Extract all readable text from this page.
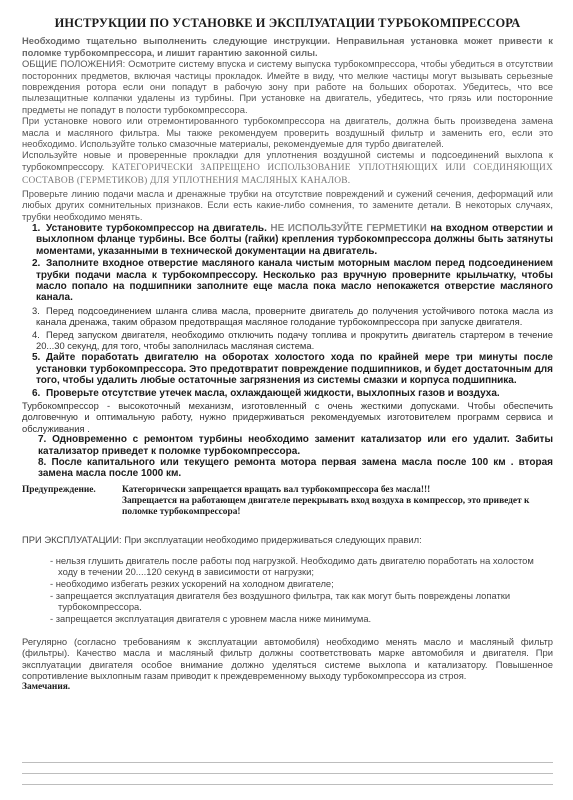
ИНСТРУКЦИИ ПО УСТАНОВКЕ И ЭКСПЛУАТАЦИИ ТУРБОКОМПРЕССОРА

Необходимо тщательно выполненить следующие инструкции. Неправильная установка может привести к поломке турбокомпрессора, и лишит гарантию законной силы.

ОБЩИЕ ПОЛОЖЕНИЯ: Осмотрите систему впуска и систему выпуска турбокомпрессора, чтобы убедиться в отсутствии посторонних предметов, включая частицы прокладок. Имейте в виду, что мелкие частицы могут вызывать серьезные повреждения ротора если они попадут в рабочую зону при работе на больших оборотах. Убедитесь, что все пылезащитные колпачки удалены из турбины. При установке на двигатель, убедитесь, что грязь или посторонние предметы не попадут в полости турбокомпрессора.

При установке нового или отремонтированного турбокомпрессора на двигатель, должна быть произведена замена масла и масляного фильтра. Мы также рекомендуем проверить воздушный фильтр и заменить его, если это необходимо. Используйте только смазочные материалы, рекомендуемые для турбо двигателей.

Используйте новые и проверенные прокладки для уплотнения воздушной системы и подсоединений выхлопа к турбокомпрессору. КАТЕГОРИЧЕСКИ ЗАПРЕЩЕНО ИСПОЛЬЗОВАНИЕ УПЛОТНЯЮЩИХ ИЛИ СОЕДИНЯЮЩИХ СОСТАВОВ (ГЕРМЕТИКОВ) ДЛЯ УПЛОТНЕНИЯ МАСЛЯНЫХ КАНАЛОВ.

Проверьте линию подачи масла и дренажные трубки на отсутствие повреждений и сужений сечения, деформаций или любых других сомнительных признаков. Если есть какие-либо сомнения, то замените детали. В некоторых случаях, трубки необходимо менять.

1. Установите турбокомпрессор на двигатель. НЕ ИСПОЛЬЗУЙТЕ ГЕРМЕТИКИ на входном отверстии и выхлопном фланце турбины. Все болты (гайки) крепления турбокомпрессора должны быть затянуты моментами, указанными в технической документации на двигатель.
2. Заполните входное отверстие масляного канала чистым моторным маслом перед подсоединением трубки подачи масла к турбокомпрессору. Несколько раз вручную проверните крыльчатку, чтобы масло попало на подшипники заполните еще масла пока масло непокажется отверстие масляного канала.
3. Перед подсоединением шланга слива масла, проверните двигатель до получения устойчивого потока масла из канала дренажа, таким образом предотвращая масляное голодание турбокомпрессора при запуске двигателя.
4. Перед запуском двигателя, необходимо отключить подачу топлива и прокрутить двигатель стартером в течение 20...30 секунд, для того, чтобы заполнилась масляная система.
5. Дайте поработать двигателю на оборотах холостого хода по крайней мере три минуты после установки турбокомпрессора. Это предотвратит повреждение подшипников, и будет достаточным для того, чтобы удалить любые остаточные загрязнения из системы смазки и корпуса подшипника.
6. Проверьте отсутствие утечек масла, охлаждающей жидкости, выхлопных газов и воздуха.

Турбокомпрессор - высокоточный механизм, изготовленный с очень жесткими допусками. Чтобы обеспечить долговечную и оптимальную работу, нужно придерживаться рекомендуемых изготовителем программ сервиса и обслуживания .

7. Одновременно с ремонтом турбины необходимо заменит катализатор или его удалит. Забиты катализатор приведет к поломке турбокомпрессора.

8. После капитального или текущего ремонта мотора первая замена масла после 100 км . вторая замена масла после 1000 км.

Предупреждение.	Категорически запрещается вращать вал турбокомпрессора без масла!!!
Запрещается на работающем двигателе перекрывать вход воздуха в компрессор, это приведет к поломке турбокомпрессора!

ПРИ ЭКСПЛУАТАЦИИ: При эксплуатации необходимо придерживаться следующих правил:

- нельзя глушить двигатель после работы под нагрузкой. Необходимо дать двигателю поработать на холостом ходу в течении 20....120 секунд в зависимости от нагрузки;
- необходимо избегать резких ускорений на холодном двигателе;
- запрещается эксплуатация двигателя без воздушного фильтра, так как могут быть повреждены лопатки турбокомпрессора.
- запрещается эксплуатация двигателя с уровнем масла ниже минимума.

Регулярно (согласно требованиям к эксплуатации автомобиля) необходимо менять масло и масляный фильтр (фильтры). Качество масла и масляный фильтр должны соответствовать марке автомобиля и двигателя. При эксплуатации двигателя особое внимание должно уделяться системе выхлопа и катализатору. Повышенное сопротивление выхлопным газам приводит к преждевременному выходу турбокомпрессора из строя.

Замечания.
